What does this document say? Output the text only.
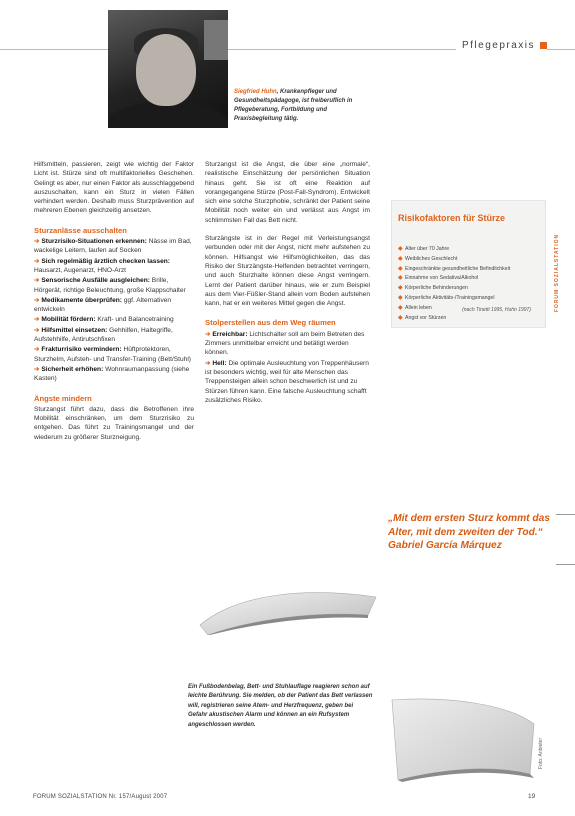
Pflegepraxis
Siegfried Huhn, Krankenpfleger und Gesundheitspädagoge, ist freiberuflich in Pflegeberatung, Fortbildung und Praxisbegleitung tätig.

Hilfsmitteln, passieren, zeigt wie wichtig der Faktor Licht ist. Stürze sind oft multifaktorielles Geschehen. Gelingt es aber, nur einen Faktor als ausschlaggebend auszuschalten, kann ein Sturz in vielen Fällen verhindert werden. Deshalb muss Sturzprävention auf mehreren Ebenen gleichzeitig ansetzen.

Sturzanlässe ausschalten
➔ Sturzrisiko-Situationen erkennen: Nässe im Bad, wackelige Leitern, laufen auf Socken
➔ Sich regelmäßig ärztlich checken lassen: Hausarzt, Augenarzt, HNO-Arzt
➔ Sensorische Ausfälle ausgleichen: Brille, Hörgerät, richtige Beleuchtung, große Klappschalter
➔ Medikamente überprüfen: ggf. Alternativen entwickeln
➔ Mobilität fördern: Kraft- und Balancetraining
➔ Hilfsmittel einsetzen: Gehhilfen, Haltegriffe, Aufstehhilfe, Antirutschfixen
➔ Frakturrisiko vermindern: Hüftprotektoren, Sturzhelm, Aufsteh- und Transfer-Training (Bett/Stuhl)
➔ Sicherheit erhöhen: Wohnraumanpassung (siehe Kasten)
Ängste mindern

Sturzangst führt dazu, dass die Betroffenen ihre Mobilität einschränken, um dem Sturzrisiko zu entgehen. Das führt zu Trainingsmangel und der wiederum zu größerer Sturzneigung.

Sturzangst ist die Angst, die über eine „normale“, realistische Einschätzung der persönlichen Situation hinaus geht. Sie ist oft eine Reaktion auf vorangegangene Stürze (Post-Fall-Syndrom). Entwickelt sich eine solche Sturzphobie, schränkt der Patient seine Mobilität noch weiter ein und verlässt aus Angst im schlimmsten Fall das Bett nicht.

Sturzängste ist in der Regel mit Verleistungsangst verbunden oder mit der Angst, nicht mehr aufstehen zu können. Hilfsangst wie Hilfsmöglichkeiten, das das Risiko der Sturzängste-Helfenden betrachtet verringern, und auch Sturzhalte können diese Angst verringern. Lernt der Patient darüber hinaus, wie er zum Beispiel aus dem Vier-Füßler-Stand allein vom Boden aufstehen kann, hat er ein weiteres Mittel gegen die Angst.

Stolperstellen aus dem Weg räumen
➔ Erreichbar: Lichtschalter soll am beim Betreten des Zimmers unmittelbar erreicht und betätigt werden können.
➔ Hell: Die optimale Ausleuchtung von Treppenhäusern ist besonders wichtig, weil für alte Menschen das Treppensteigen allein schon beschwerlich ist und zu Stürzen führen kann. Eine falsche Ausleuchtung schafft zusätzliches Risiko.
Risikofaktoren für Stürze
◆ Alter über 70 Jahre
◆ Weibliches Geschlecht
◆ Eingeschränkte gesundheitliche Befindlichkeit
◆ Einnahme von Sedativa/Alkohol
◆ Körperliche Behinderungen
◆ Körperliche Aktivitäts-/Trainingsmangel
◆ Allein leben
◆ Angst vor Stürzen
(nach Tinetti 1995, Huhn 1997)	FORUM SOZIALSTATION
„Mit dem ersten Sturz kommt das Alter, mit dem zweiten der Tod.“
Gabriel García Márquez
Ein Fußbodenbelag, Bett- und Stuhlauflage reagieren schon auf leichte Berührung. Sie melden, ob der Patient das Bett verlassen will, registrieren seine Atem- und Herzfrequenz, geben bei Gefahr akustischen Alarm und können an ein Rufsystem angeschlossen werden.
Foto: Anbieter
FORUM SOZIALSTATION Nr. 157/August 2007	19
